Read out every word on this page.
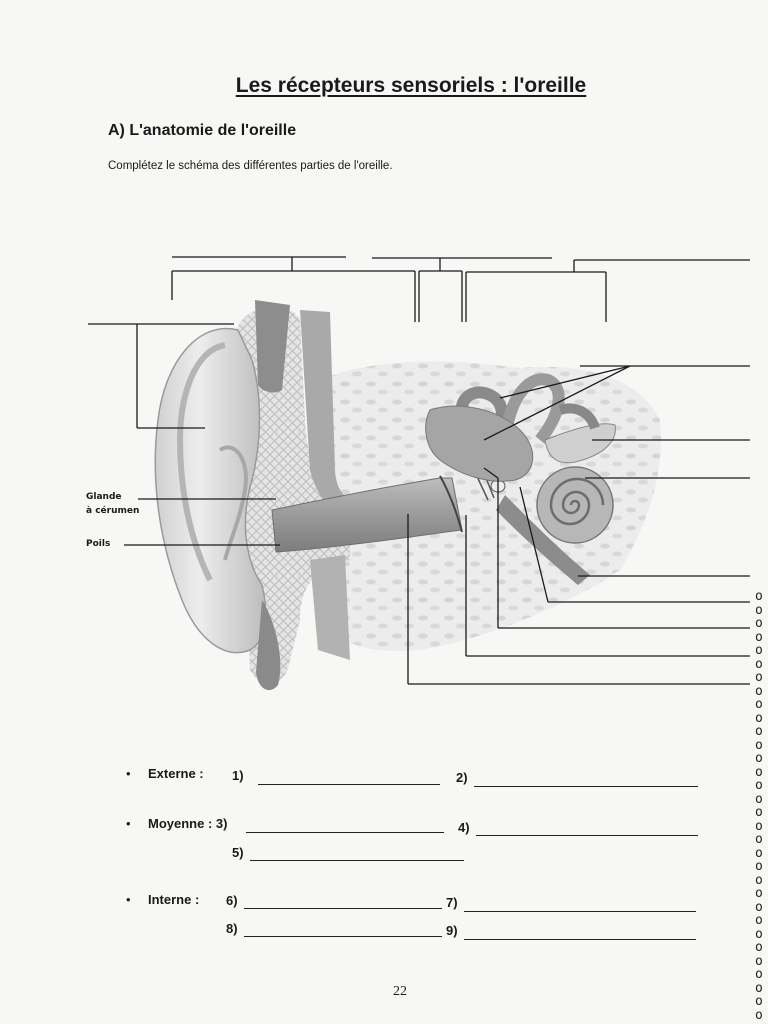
Les récepteurs sensoriels : l'oreille
A) L'anatomie de l'oreille
Complétez le schéma des différentes parties de l'oreille.
Glande
à cérumen
Poils
• Externe : 1)	2)
• Moyenne : 3)	4)
5)
• Interne : 6)	7)
8)	9)
22
o
o
o
o
o
o
o
o
o
o
o
o
o
o
o
o
o
o
o
o
o
o
o
o
o
o
o
o
o
o
o
o
